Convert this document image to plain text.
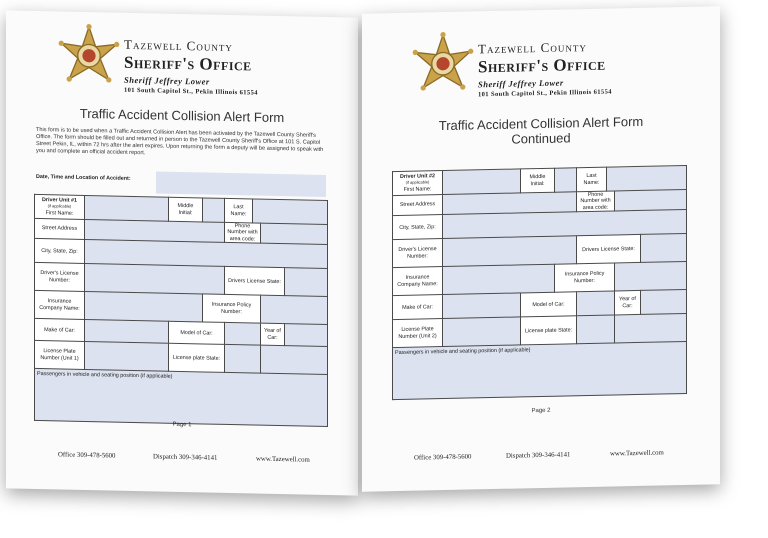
Tazewell County
Sheriff's Office
Sheriff Jeffrey Lower
101 South Capitol St., Pekin Illinois 61554
Traffic Accident Collision Alert Form
This form is to be used when a Traffic Accident Collision Alert has been activated by the Tazewell County Sheriff's Office. The form should be filled out and returned in person to the Tazewell County Sheriff's Office at 101 S. Capitol Street Pekin, IL, within 72 hrs after the alert expires. Upon returning the form a deputy will be assigned to speak with you and complete an official accident report.
Date, Time and Location of Accident:
Driver Unit #1
(if applicable)
First Name:		Middle Initial:		Last Name:			
Street Address				Phone Number with area code:			
City, State, Zip:							
Driver's License Number:				Drivers License State:			
Insurance Company Name:			Insurance Policy Number:				
Make of Car:		Model of Car:				Year of Car:	
License Plate Number (Unit 1)		License plate State:					
Passengers in vehicle and seating position (if applicable)							
Page 1
Office 309-478-5600	Dispatch 309-346-4141	www.Tazewell.com
Tazewell County
Sheriff's Office
Sheriff Jeffrey Lower
101 South Capitol St., Pekin Illinois 61554
Traffic Accident Collision Alert Form
Continued
Driver Unit #2
(if applicable)
First Name:		Middle Initial:		Last Name:			
Street Address				Phone Number with area code:			
City, State, Zip:							
Driver's License Number:				Drivers License State:			
Insurance Company Name:			Insurance Policy Number:				
Make of Car:		Model of Car:				Year of Car:	
License Plate Number (Unit 2)		License plate State:					
Passengers in vehicle and seating position (if applicable)							
Page 2
Office 309-478-5600	Dispatch 309-346-4141	www.Tazewell.com
